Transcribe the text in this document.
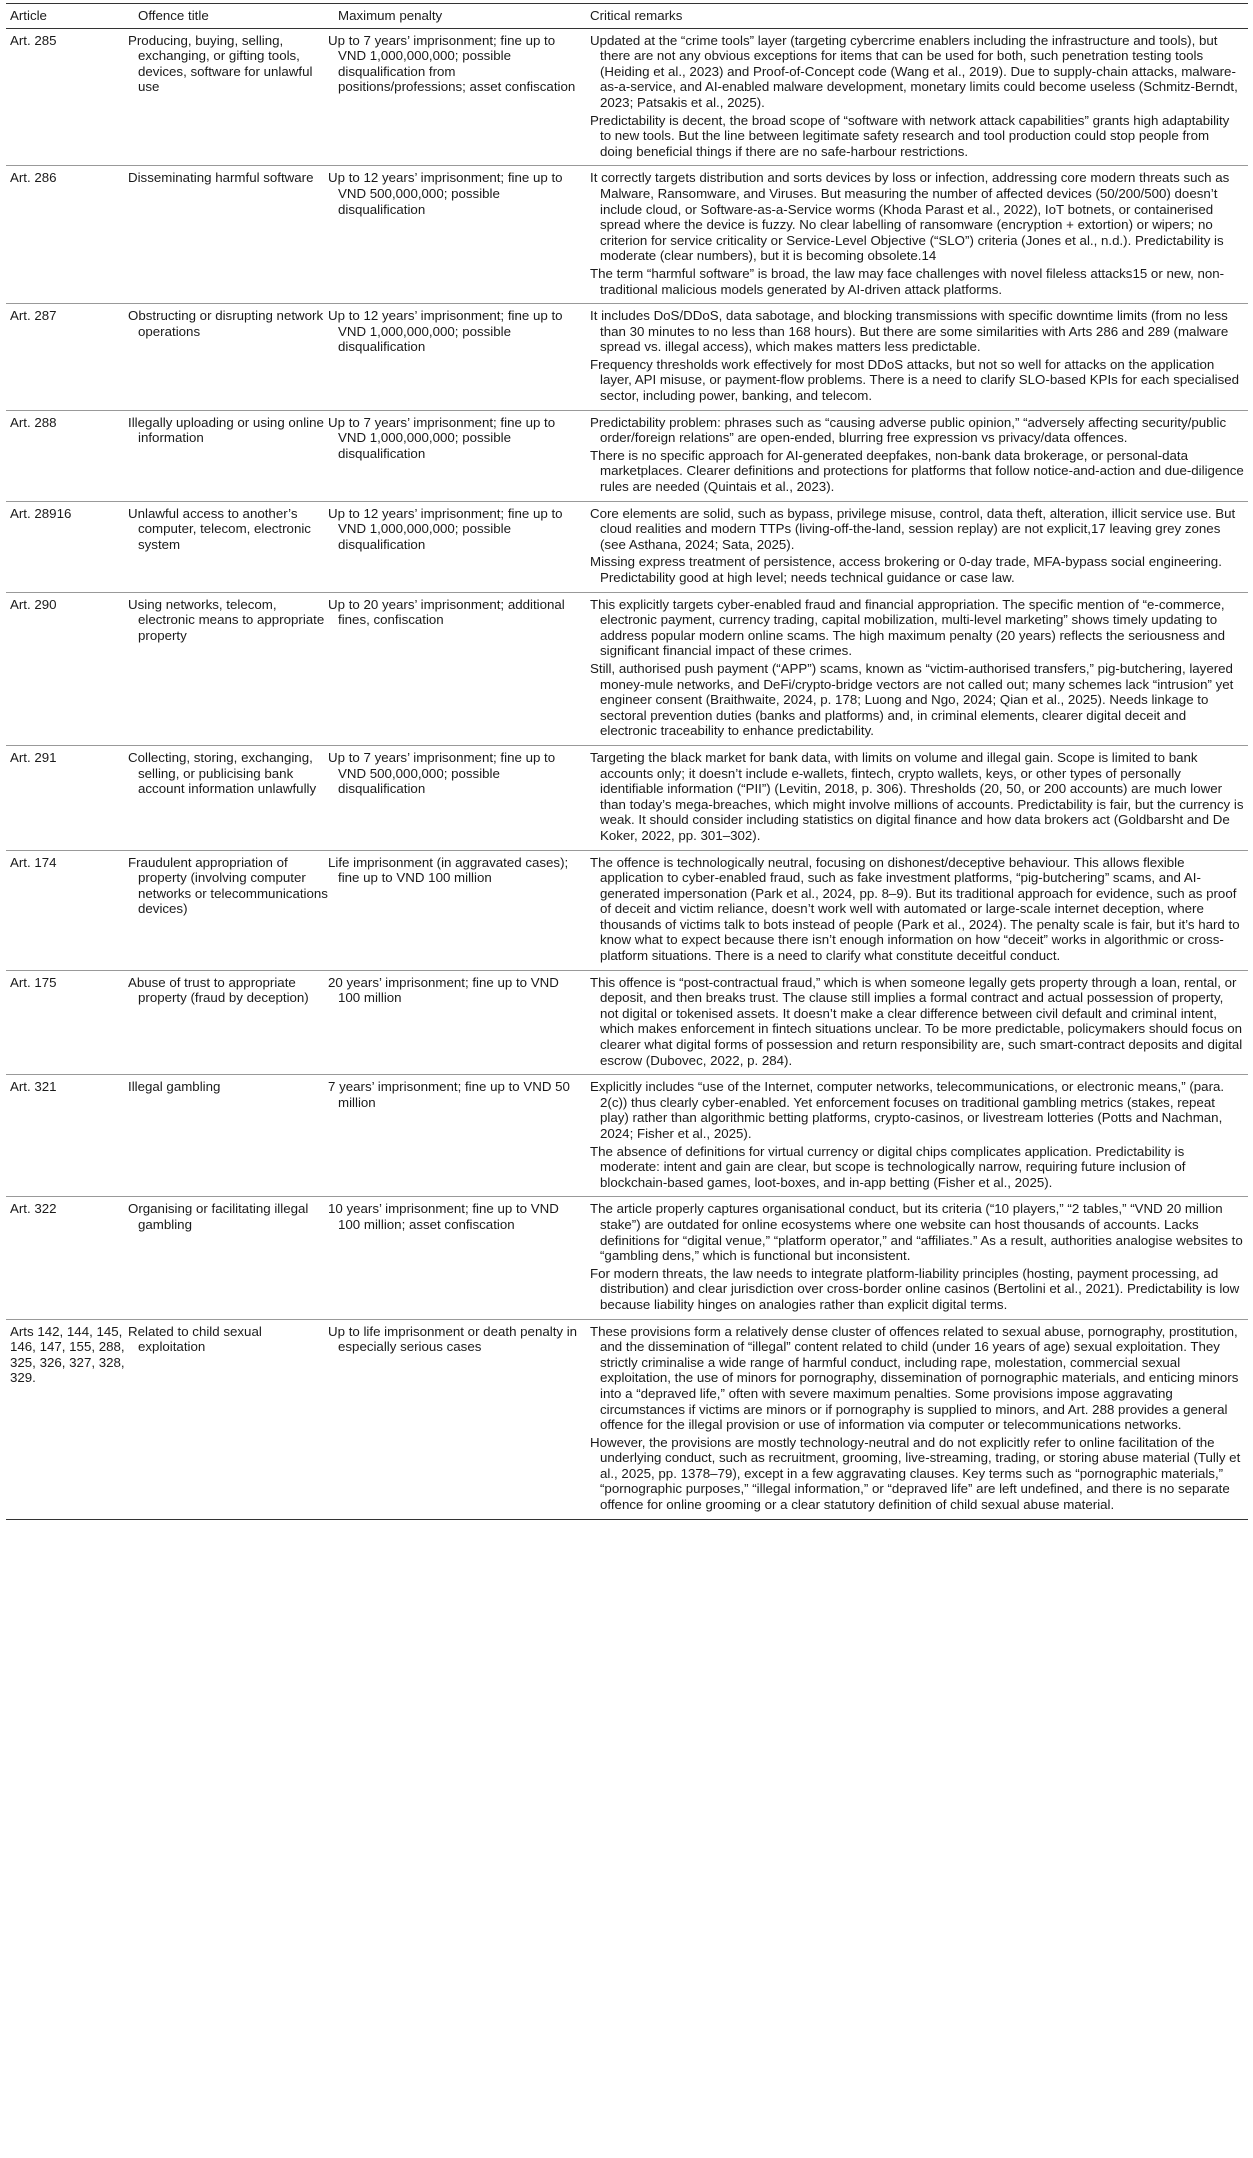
Article	Offence title	Maximum penalty	Critical remarks
Art. 285	Producing, buying, selling, exchanging, or gifting tools, devices, software for unlawful use	Up to 7 years’ imprisonment; fine up to VND 1,000,000,000; possible disqualification from positions/professions; asset confiscation	Updated at the “crime tools” layer (targeting cybercrime enablers including the infrastructure and tools), but there are not any obvious exceptions for items that can be used for both, such penetration testing tools (Heiding et al., 2023) and Proof-of-Concept code (Wang et al., 2019). Due to supply-chain attacks, malware-as-a-service, and AI-enabled malware development, monetary limits could become useless (Schmitz-Berndt, 2023; Patsakis et al., 2025).

Predictability is decent, the broad scope of “software with network attack capabilities” grants high adaptability to new tools. But the line between legitimate safety research and tool production could stop people from doing beneficial things if there are no safe-harbour restrictions.

Art. 286	Disseminating harmful software	Up to 12 years’ imprisonment; fine up to VND 500,000,000; possible disqualification	It correctly targets distribution and sorts devices by loss or infection, addressing core modern threats such as Malware, Ransomware, and Viruses. But measuring the number of affected devices (50/200/500) doesn’t include cloud, or Software-as-a-Service worms (Khoda Parast et al., 2022), IoT botnets, or containerised spread where the device is fuzzy. No clear labelling of ransomware (encryption + extortion) or wipers; no criterion for service criticality or Service-Level Objective (“SLO”) criteria (Jones et al., n.d.). Predictability is moderate (clear numbers), but it is becoming obsolete.14

The term “harmful software” is broad, the law may face challenges with novel fileless attacks15 or new, non-traditional malicious models generated by AI-driven attack platforms.

Art. 287	Obstructing or disrupting network operations	Up to 12 years’ imprisonment; fine up to VND 1,000,000,000; possible disqualification	It includes DoS/DDoS, data sabotage, and blocking transmissions with specific downtime limits (from no less than 30 minutes to no less than 168 hours). But there are some similarities with Arts 286 and 289 (malware spread vs. illegal access), which makes matters less predictable.

Frequency thresholds work effectively for most DDoS attacks, but not so well for attacks on the application layer, API misuse, or payment-flow problems. There is a need to clarify SLO-based KPIs for each specialised sector, including power, banking, and telecom.

Art. 288	Illegally uploading or using online information	Up to 7 years’ imprisonment; fine up to VND 1,000,000,000; possible disqualification	Predictability problem: phrases such as “causing adverse public opinion,” “adversely affecting security/public order/foreign relations” are open-ended, blurring free expression vs privacy/data offences.

There is no specific approach for AI-generated deepfakes, non-bank data brokerage, or personal-data marketplaces. Clearer definitions and protections for platforms that follow notice-and-action and due-diligence rules are needed (Quintais et al., 2023).

Art. 28916	Unlawful access to another’s computer, telecom, electronic system	Up to 12 years’ imprisonment; fine up to VND 1,000,000,000; possible disqualification	Core elements are solid, such as bypass, privilege misuse, control, data theft, alteration, illicit service use. But cloud realities and modern TTPs (living-off-the-land, session replay) are not explicit,17 leaving grey zones (see Asthana, 2024; Sata, 2025).

Missing express treatment of persistence, access brokering or 0-day trade, MFA-bypass social engineering. Predictability good at high level; needs technical guidance or case law.

Art. 290	Using networks, telecom, electronic means to appropriate property	Up to 20 years’ imprisonment; additional fines, confiscation	This explicitly targets cyber-enabled fraud and financial appropriation. The specific mention of “e-commerce, electronic payment, currency trading, capital mobilization, multi-level marketing” shows timely updating to address popular modern online scams. The high maximum penalty (20 years) reflects the seriousness and significant financial impact of these crimes.

Still, authorised push payment (“APP”) scams, known as “victim-authorised transfers,” pig-butchering, layered money-mule networks, and DeFi/crypto-bridge vectors are not called out; many schemes lack “intrusion” yet engineer consent (Braithwaite, 2024, p. 178; Luong and Ngo, 2024; Qian et al., 2025). Needs linkage to sectoral prevention duties (banks and platforms) and, in criminal elements, clearer digital deceit and electronic traceability to enhance predictability.

Art. 291	Collecting, storing, exchanging, selling, or publicising bank account information unlawfully	Up to 7 years’ imprisonment; fine up to VND 500,000,000; possible disqualification	Targeting the black market for bank data, with limits on volume and illegal gain. Scope is limited to bank accounts only; it doesn’t include e-wallets, fintech, crypto wallets, keys, or other types of personally identifiable information (“PII”) (Levitin, 2018, p. 306). Thresholds (20, 50, or 200 accounts) are much lower than today’s mega-breaches, which might involve millions of accounts. Predictability is fair, but the currency is weak. It should consider including statistics on digital finance and how data brokers act (Goldbarsht and De Koker, 2022, pp. 301–302).

Art. 174	Fraudulent appropriation of property (involving computer networks or telecommunications devices)	Life imprisonment (in aggravated cases); fine up to VND 100 million	The offence is technologically neutral, focusing on dishonest/deceptive behaviour. This allows flexible application to cyber-enabled fraud, such as fake investment platforms, “pig-butchering” scams, and AI-generated impersonation (Park et al., 2024, pp. 8–9). But its traditional approach for evidence, such as proof of deceit and victim reliance, doesn’t work well with automated or large-scale internet deception, where thousands of victims talk to bots instead of people (Park et al., 2024). The penalty scale is fair, but it’s hard to know what to expect because there isn’t enough information on how “deceit” works in algorithmic or cross-platform situations. There is a need to clarify what constitute deceitful conduct.

Art. 175	Abuse of trust to appropriate property (fraud by deception)	20 years’ imprisonment; fine up to VND 100 million	This offence is “post-contractual fraud,” which is when someone legally gets property through a loan, rental, or deposit, and then breaks trust. The clause still implies a formal contract and actual possession of property, not digital or tokenised assets. It doesn’t make a clear difference between civil default and criminal intent, which makes enforcement in fintech situations unclear. To be more predictable, policymakers should focus on clearer what digital forms of possession and return responsibility are, such smart-contract deposits and digital escrow (Dubovec, 2022, p. 284).

Art. 321	Illegal gambling	7 years’ imprisonment; fine up to VND 50 million	Explicitly includes “use of the Internet, computer networks, telecommunications, or electronic means,” (para. 2(c)) thus clearly cyber-enabled. Yet enforcement focuses on traditional gambling metrics (stakes, repeat play) rather than algorithmic betting platforms, crypto-casinos, or livestream lotteries (Potts and Nachman, 2024; Fisher et al., 2025).

The absence of definitions for virtual currency or digital chips complicates application. Predictability is moderate: intent and gain are clear, but scope is technologically narrow, requiring future inclusion of blockchain-based games, loot-boxes, and in-app betting (Fisher et al., 2025).

Art. 322	Organising or facilitating illegal gambling	10 years’ imprisonment; fine up to VND 100 million; asset confiscation	The article properly captures organisational conduct, but its criteria (“10 players,” “2 tables,” “VND 20 million stake”) are outdated for online ecosystems where one website can host thousands of accounts. Lacks definitions for “digital venue,” “platform operator,” and “affiliates.” As a result, authorities analogise websites to “gambling dens,” which is functional but inconsistent.

For modern threats, the law needs to integrate platform-liability principles (hosting, payment processing, ad distribution) and clear jurisdiction over cross-border online casinos (Bertolini et al., 2021). Predictability is low because liability hinges on analogies rather than explicit digital terms.

Arts 142, 144, 145, 146, 147, 155, 288, 325, 326, 327, 328, 329.	Related to child sexual exploitation	Up to life imprisonment or death penalty in especially serious cases	These provisions form a relatively dense cluster of offences related to sexual abuse, pornography, prostitution, and the dissemination of “illegal” content related to child (under 16 years of age) sexual exploitation. They strictly criminalise a wide range of harmful conduct, including rape, molestation, commercial sexual exploitation, the use of minors for pornography, dissemination of pornographic materials, and enticing minors into a “depraved life,” often with severe maximum penalties. Some provisions impose aggravating circumstances if victims are minors or if pornography is supplied to minors, and Art. 288 provides a general offence for the illegal provision or use of information via computer or telecommunications networks.

However, the provisions are mostly technology-neutral and do not explicitly refer to online facilitation of the underlying conduct, such as recruitment, grooming, live-streaming, trading, or storing abuse material (Tully et al., 2025, pp. 1378–79), except in a few aggravating clauses. Key terms such as “pornographic materials,” “pornographic purposes,” “illegal information,” or “depraved life” are left undefined, and there is no separate offence for online grooming or a clear statutory definition of child sexual abuse material.
